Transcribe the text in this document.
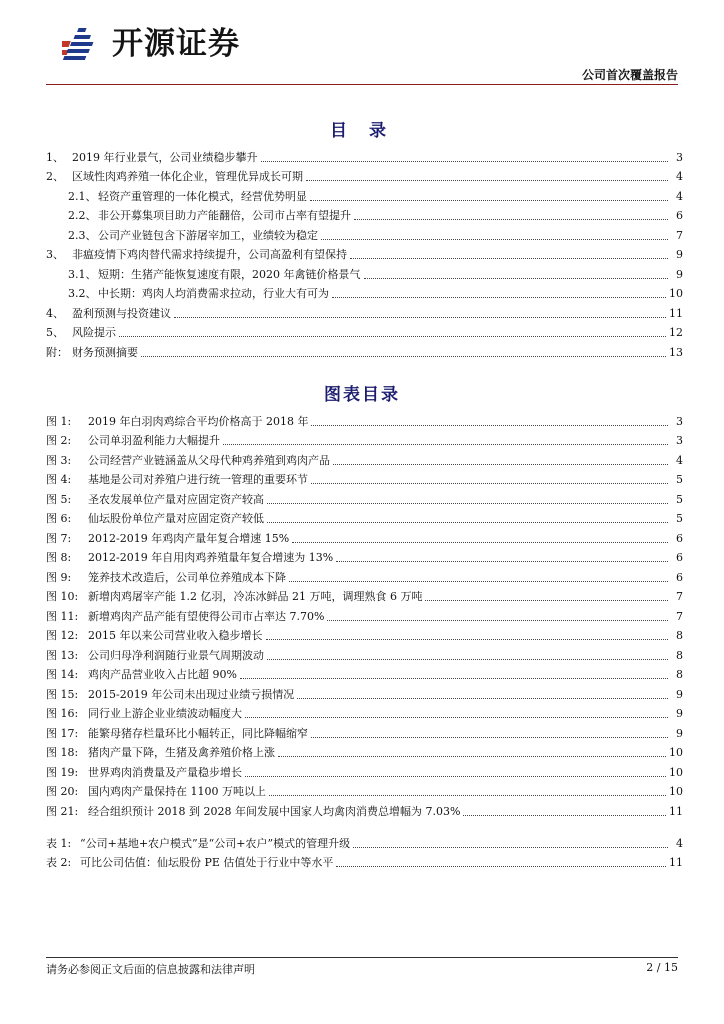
开源证券
公司首次覆盖报告
目 录
1、 2019 年行业景气，公司业绩稳步攀升	3
2、 区域性肉鸡养殖一体化企业，管理优异成长可期	4
2.1、 轻资产重管理的一体化模式，经营优势明显	4
2.2、 非公开募集项目助力产能翻倍，公司市占率有望提升	6
2.3、 公司产业链包含下游屠宰加工，业绩较为稳定	7
3、 非瘟疫情下鸡肉替代需求持续提升，公司高盈利有望保持	9
3.1、 短期：生猪产能恢复速度有限，2020 年禽链价格景气	9
3.2、 中长期：鸡肉人均消费需求拉动，行业大有可为	10
4、 盈利预测与投资建议	11
5、 风险提示	12
附： 财务预测摘要	13
图表目录
图 1:	2019 年白羽肉鸡综合平均价格高于 2018 年	3
图 2:	公司单羽盈利能力大幅提升	3
图 3:	公司经营产业链涵盖从父母代种鸡养殖到鸡肉产品	4
图 4:	基地是公司对养殖户进行统一管理的重要环节	5
图 5:	圣农发展单位产量对应固定资产较高	5
图 6:	仙坛股份单位产量对应固定资产较低	5
图 7:	2012-2019 年鸡肉产量年复合增速 15%	6
图 8:	2012-2019 年自用肉鸡养殖量年复合增速为 13%	6
图 9:	笼养技术改造后，公司单位养殖成本下降	6
图 10: 新增肉鸡屠宰产能 1.2 亿羽，冷冻冰鲜品 21 万吨，调理熟食 6 万吨	7
图 11: 新增鸡肉产品产能有望使得公司市占率达 7.70%	7
图 12: 2015 年以来公司营业收入稳步增长	8
图 13: 公司归母净利润随行业景气周期波动	8
图 14: 鸡肉产品营业收入占比超 90%	8
图 15: 2015-2019 年公司未出现过业绩亏损情况	9
图 16: 同行业上游企业业绩波动幅度大	9
图 17: 能繁母猪存栏量环比小幅转正，同比降幅缩窄	9
图 18: 猪肉产量下降，生猪及禽养殖价格上涨	10
图 19: 世界鸡肉消费量及产量稳步增长	10
图 20: 国内鸡肉产量保持在 1100 万吨以上	10
图 21: 经合组织预计 2018 到 2028 年间发展中国家人均禽肉消费总增幅为 7.03%	11
表 1: “公司+基地+农户模式”是“公司+农户”模式的管理升级	4
表 2: 可比公司估值：仙坛股份 PE 估值处于行业中等水平	11
请务必参阅正文后面的信息披露和法律声明	2 / 15
